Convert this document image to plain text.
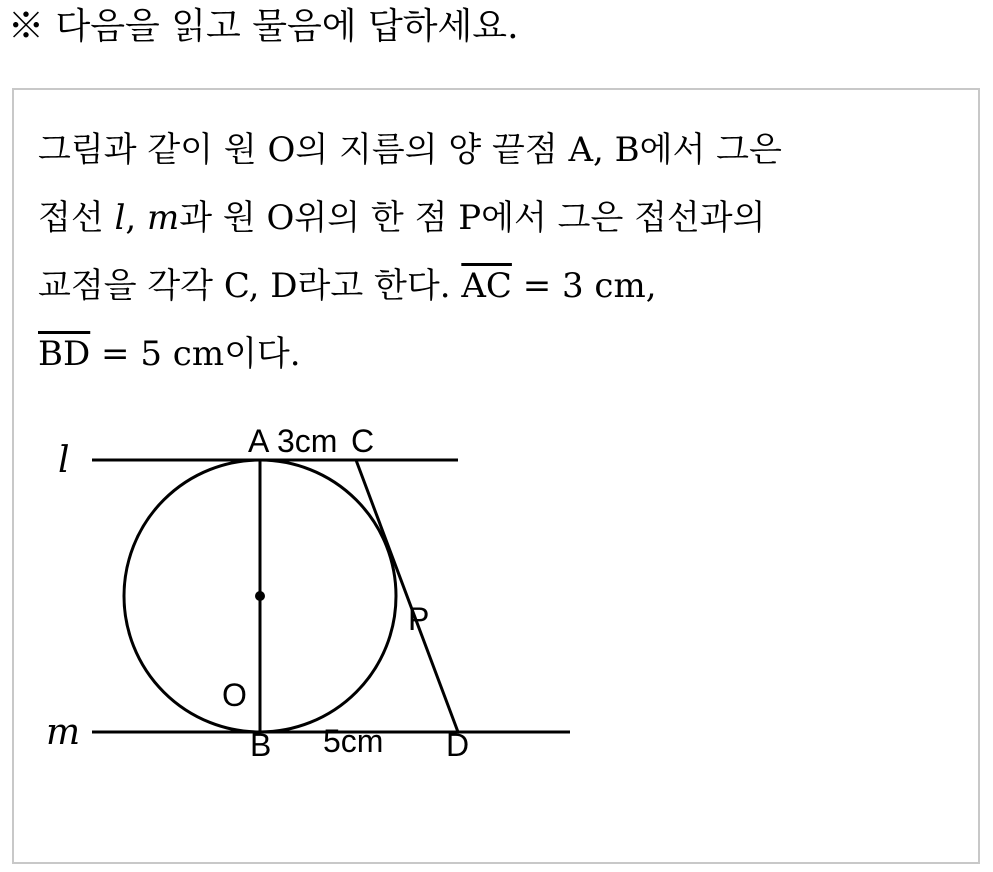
※ 다음을 읽고 물음에 답하세요.
그림과 같이 원 O의 지름의 양 끝점 A, B에서 그은
접선 l, m과 원 O위의 한 점 P에서 그은 접선과의
교점을 각각 C, D라고 한다. $\overline{AC} = 3$ cm,
$\overline{BD} = 5$ cm이다.
l
m
A 3cm C
P
O
B 5cm D
